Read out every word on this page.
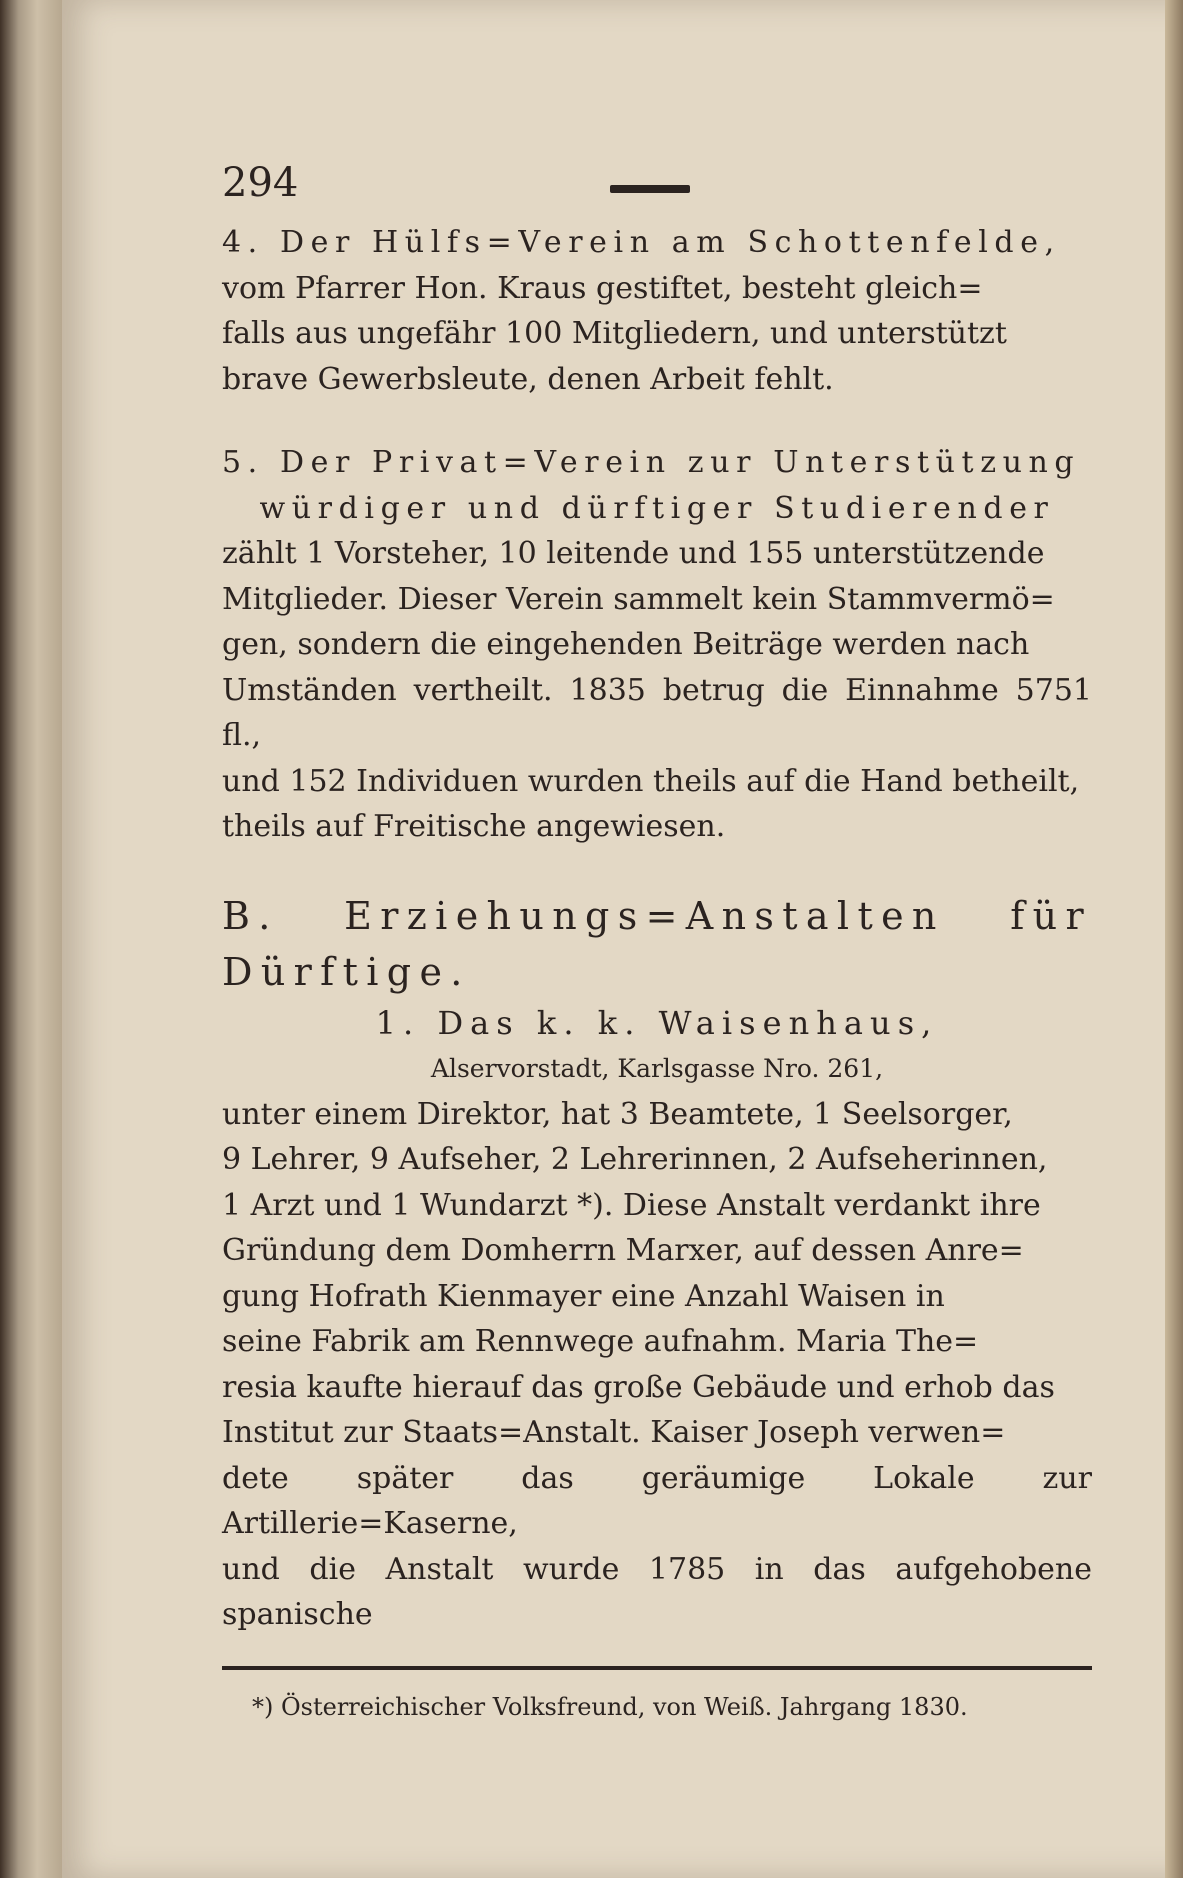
294

4. Der Hülfs=Verein am Schottenfelde,

vom Pfarrer Hon. Kraus gestiftet, besteht gleich=

falls aus ungefähr 100 Mitgliedern, und unterstützt

brave Gewerbsleute, denen Arbeit fehlt.

5. Der Privat=Verein zur Unterstützung

würdiger und dürftiger Studierender

zählt 1 Vorsteher, 10 leitende und 155 unterstützende

Mitglieder. Dieser Verein sammelt kein Stammvermö=

gen, sondern die eingehenden Beiträge werden nach

Umständen vertheilt. 1835 betrug die Einnahme 5751 fl.,

und 152 Individuen wurden theils auf die Hand betheilt,

theils auf Freitische angewiesen.

B. Erziehungs=Anstalten für Dürftige.

1. Das k. k. Waisenhaus,

Alservorstadt, Karlsgasse Nro. 261,

unter einem Direktor, hat 3 Beamtete, 1 Seelsorger,

9 Lehrer, 9 Aufseher, 2 Lehrerinnen, 2 Aufseherinnen,

1 Arzt und 1 Wundarzt *). Diese Anstalt verdankt ihre

Gründung dem Domherrn Marxer, auf dessen Anre=

gung Hofrath Kienmayer eine Anzahl Waisen in

seine Fabrik am Rennwege aufnahm. Maria The=

resia kaufte hierauf das große Gebäude und erhob das

Institut zur Staats=Anstalt. Kaiser Joseph verwen=

dete später das geräumige Lokale zur Artillerie=Kaserne,

und die Anstalt wurde 1785 in das aufgehobene spanische

*) Österreichischer Volksfreund, von Weiß. Jahrgang 1830.
